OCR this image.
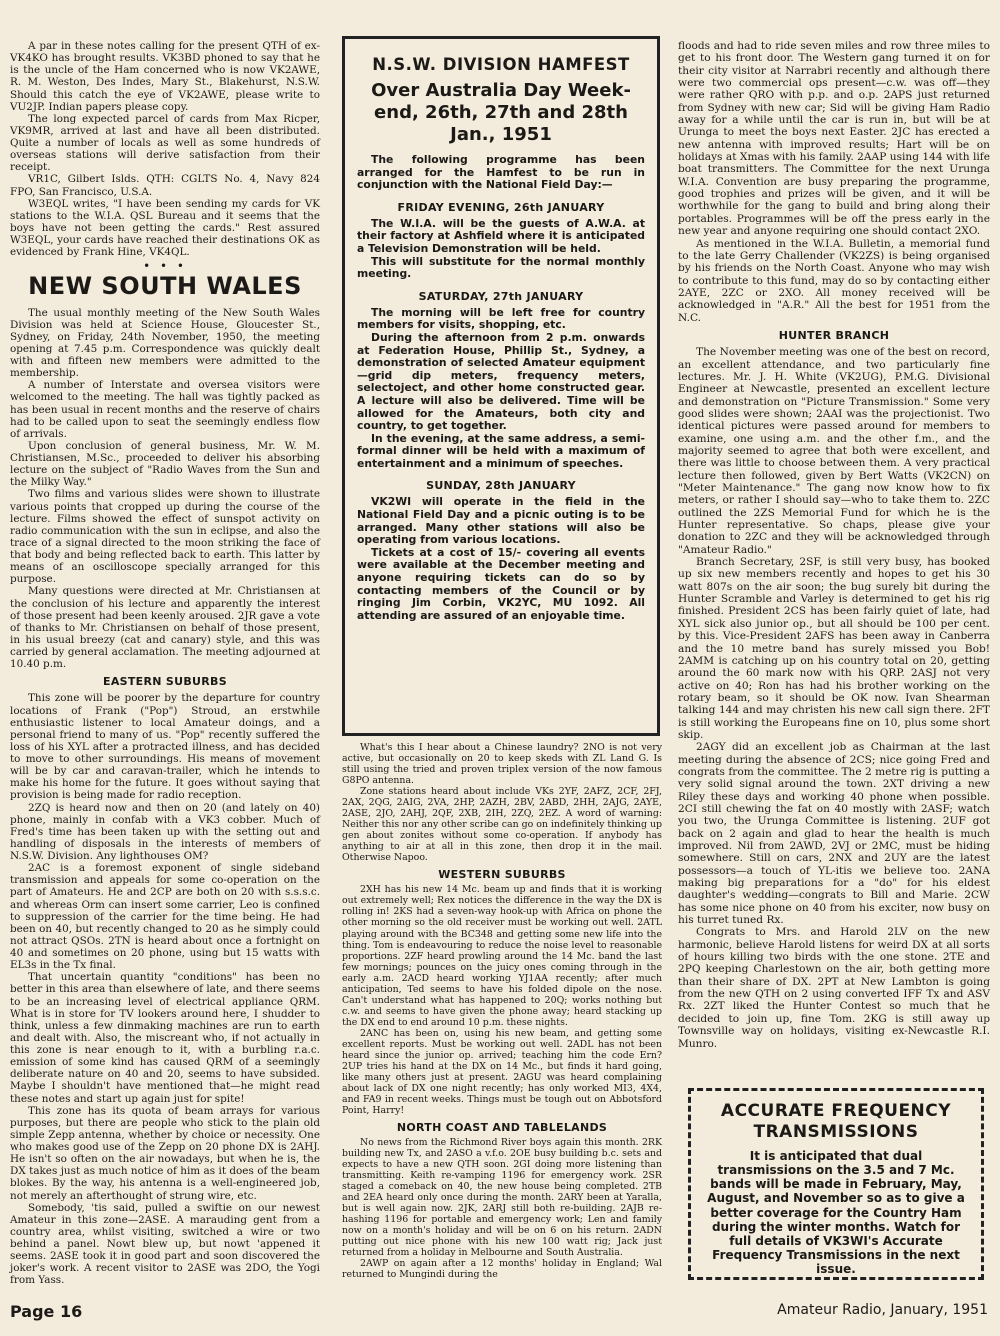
A par in these notes calling for the present QTH of ex-VK4KO has brought results. VK3BD phoned to say that he is the uncle of the Ham concerned who is now VK2AWE, R. M. Weston, Des Indes, Mary St., Blakehurst, N.S.W. Should this catch the eye of VK2AWE, please write to VU2JP. Indian papers please copy.

The long expected parcel of cards from Max Ricper, VK9MR, arrived at last and have all been distributed. Quite a number of locals as well as some hundreds of overseas stations will derive satisfaction from their receipt.

VR1C, Gilbert Islds. QTH: CGLTS No. 4, Navy 824 FPO, San Francisco, U.S.A.

W3EQL writes, "I have been sending my cards for VK stations to the W.I.A. QSL Bureau and it seems that the boys have not been getting the cards." Rest assured W3EQL, your cards have reached their destinations OK as evidenced by Frank Hine, VK4QL.

• • •
NEW SOUTH WALES

The usual monthly meeting of the New South Wales Division was held at Science House, Gloucester St., Sydney, on Friday, 24th November, 1950, the meeting opening at 7.45 p.m. Correspondence was quickly dealt with and fifteen new members were admitted to the membership.

A number of Interstate and oversea visitors were welcomed to the meeting. The hall was tightly packed as has been usual in recent months and the reserve of chairs had to be called upon to seat the seemingly endless flow of arrivals.

Upon conclusion of general business, Mr. W. M. Christiansen, M.Sc., proceeded to deliver his absorbing lecture on the subject of "Radio Waves from the Sun and the Milky Way."

Two films and various slides were shown to illustrate various points that cropped up during the course of the lecture. Films showed the effect of sunspot activity on radio communication with the sun in eclipse, and also the trace of a signal directed to the moon striking the face of that body and being reflected back to earth. This latter by means of an oscilloscope specially arranged for this purpose.

Many questions were directed at Mr. Christiansen at the conclusion of his lecture and apparently the interest of those present had been keenly aroused. 2JR gave a vote of thanks to Mr. Christiansen on behalf of those present, in his usual breezy (cat and canary) style, and this was carried by general acclamation. The meeting adjourned at 10.40 p.m.

EASTERN SUBURBS

This zone will be poorer by the departure for country locations of Frank ("Pop") Stroud, an erstwhile enthusiastic listener to local Amateur doings, and a personal friend to many of us. "Pop" recently suffered the loss of his XYL after a protracted illness, and has decided to move to other surroundings. His means of movement will be by car and caravan-trailer, which he intends to make his home for the future. It goes without saying that provision is being made for radio reception.

2ZQ is heard now and then on 20 (and lately on 40) phone, mainly in confab with a VK3 cobber. Much of Fred's time has been taken up with the setting out and handling of disposals in the interests of members of N.S.W. Division. Any lighthouses OM?

2AC is a foremost exponent of single sideband transmission and appeals for some co-operation on the part of Amateurs. He and 2CP are both on 20 with s.s.s.c. and whereas Orm can insert some carrier, Leo is confined to suppression of the carrier for the time being. He had been on 40, but recently changed to 20 as he simply could not attract QSOs. 2TN is heard about once a fortnight on 40 and sometimes on 20 phone, using but 15 watts with EL3s in the Tx final.

That uncertain quantity "conditions" has been no better in this area than elsewhere of late, and there seems to be an increasing level of electrical appliance QRM. What is in store for TV lookers around here, I shudder to think, unless a few dinmaking machines are run to earth and dealt with. Also, the miscreant who, if not actually in this zone is near enough to it, with a burbling r.a.c. emission of some kind has caused QRM of a seemingly deliberate nature on 40 and 20, seems to have subsided. Maybe I shouldn't have mentioned that—he might read these notes and start up again just for spite!

This zone has its quota of beam arrays for various purposes, but there are people who stick to the plain old simple Zepp antenna, whether by choice or necessity. One who makes good use of the Zepp on 20 phone DX is 2AHJ. He isn't so often on the air nowadays, but when he is, the DX takes just as much notice of him as it does of the beam blokes. By the way, his antenna is a well-engineered job, not merely an afterthought of strung wire, etc.

Somebody, 'tis said, pulled a swiftie on our newest Amateur in this zone—2ASE. A marauding gent from a country area, whilst visiting, switched a wire or two behind a panel. Nowt blew up, but nowt 'appened it seems. 2ASE took it in good part and soon discovered the joker's work. A recent visitor to 2ASE was 2DO, the Yogi from Yass.

N.S.W. DIVISION HAMFEST
Over Australia Day Week-end, 26th, 27th and 28th Jan., 1951

The following programme has been arranged for the Hamfest to be run in conjunction with the National Field Day:—

FRIDAY EVENING, 26th JANUARY

The W.I.A. will be the guests of A.W.A. at their factory at Ashfield where it is anticipated a Television Demonstration will be held.

This will substitute for the normal monthly meeting.

SATURDAY, 27th JANUARY

The morning will be left free for country members for visits, shopping, etc.

During the afternoon from 2 p.m. onwards at Federation House, Phillip St., Sydney, a demonstration of selected Amateur equipment—grid dip meters, frequency meters, selectoject, and other home constructed gear. A lecture will also be delivered. Time will be allowed for the Amateurs, both city and country, to get together.

In the evening, at the same address, a semi-formal dinner will be held with a maximum of entertainment and a minimum of speeches.

SUNDAY, 28th JANUARY

VK2WI will operate in the field in the National Field Day and a picnic outing is to be arranged. Many other stations will also be operating from various locations.

Tickets at a cost of 15/- covering all events were available at the December meeting and anyone requiring tickets can do so by contacting members of the Council or by ringing Jim Corbin, VK2YC, MU 1092. All attending are assured of an enjoyable time.

What's this I hear about a Chinese laundry? 2NO is not very active, but occasionally on 20 to keep skeds with ZL Land G. Is still using the tried and proven triplex version of the now famous G8PO antenna.

Zone stations heard about include VKs 2YF, 2AFZ, 2CF, 2FJ, 2AX, 2QG, 2AIG, 2VA, 2HP, 2AZH, 2BV, 2ABD, 2HH, 2AJG, 2AYE, 2ASE, 2JO, 2AHJ, 2QF, 2XB, 2IH, 2ZQ, 2EZ. A word of warning: Neither this nor any other scribe can go on indefinitely thinking up gen about zonites without some co-operation. If anybody has anything to air at all in this zone, then drop it in the mail. Otherwise Napoo.

WESTERN SUBURBS

2XH has his new 14 Mc. beam up and finds that it is working out extremely well; Rex notices the difference in the way the DX is rolling in! 2KS had a seven-way hook-up with Africa on phone the other morning so the old receiver must be working out well. 2ATL playing around with the BC348 and getting some new life into the thing. Tom is endeavouring to reduce the noise level to reasonable proportions. 2ZF heard prowling around the 14 Mc. band the last few mornings; pounces on the juicy ones coming through in the early a.m. 2ACD heard working YJ1AA recently; after much anticipation, Ted seems to have his folded dipole on the nose. Can't understand what has happened to 20Q; works nothing but c.w. and seems to have given the phone away; heard stacking up the DX end to end around 10 p.m. these nights.

2ANC has been on, using his new beam, and getting some excellent reports. Must be working out well. 2ADL has not been heard since the junior op. arrived; teaching him the code Ern? 2UP tries his hand at the DX on 14 Mc., but finds it hard going, like many others just at present. 2AGU was heard complaining about lack of DX one night recently; has only worked MI3, 4X4, and FA9 in recent weeks. Things must be tough out on Abbotsford Point, Harry!

NORTH COAST AND TABLELANDS

No news from the Richmond River boys again this month. 2RK building new Tx, and 2ASO a v.f.o. 2OE busy building b.c. sets and expects to have a new QTH soon. 2GI doing more listening than transmitting. Keith re-vamping 1196 for emergency work. 2SR staged a comeback on 40, the new house being completed. 2TB and 2EA heard only once during the month. 2ARY been at Yaralla, but is well again now. 2JK, 2ARJ still both re-building. 2AJB re-hashing 1196 for portable and emergency work; Len and family now on a month's holiday and will be on 6 on his return. 2ADN putting out nice phone with his new 100 watt rig; Jack just returned from a holiday in Melbourne and South Australia.

2AWP on again after a 12 months' holiday in England; Wal returned to Mungindi during the

floods and had to ride seven miles and row three miles to get to his front door. The Western gang turned it on for their city visitor at Narrabri recently and although there were two commercial ops present—c.w. was off—they were rather QRO with p.p. and o.p. 2APS just returned from Sydney with new car; Sid will be giving Ham Radio away for a while until the car is run in, but will be at Urunga to meet the boys next Easter. 2JC has erected a new antenna with improved results; Hart will be on holidays at Xmas with his family. 2AAP using 144 with life boat transmitters. The Committee for the next Urunga W.I.A. Convention are busy preparing the programme, good trophies and prizes will be given, and it will be worthwhile for the gang to build and bring along their portables. Programmes will be off the press early in the new year and anyone requiring one should contact 2XO.

As mentioned in the W.I.A. Bulletin, a memorial fund to the late Gerry Challender (VK2ZS) is being organised by his friends on the North Coast. Anyone who may wish to contribute to this fund, may do so by contacting either 2AYE, 2ZC or 2XO. All money received will be acknowledged in "A.R." All the best for 1951 from the N.C.

HUNTER BRANCH

The November meeting was one of the best on record, an excellent attendance, and two particularly fine lectures. Mr. J. H. White (VK2UG), P.M.G. Divisional Engineer at Newcastle, presented an excellent lecture and demonstration on "Picture Transmission." Some very good slides were shown; 2AAI was the projectionist. Two identical pictures were passed around for members to examine, one using a.m. and the other f.m., and the majority seemed to agree that both were excellent, and there was little to choose between them. A very practical lecture then followed, given by Bert Watts (VK2CN) on "Meter Maintenance." The gang now know how to fix meters, or rather I should say—who to take them to. 2ZC outlined the 2ZS Memorial Fund for which he is the Hunter representative. So chaps, please give your donation to 2ZC and they will be acknowledged through "Amateur Radio."

Branch Secretary, 2SF, is still very busy, has booked up six new members recently and hopes to get his 30 watt 807s on the air soon; the bug surely bit during the Hunter Scramble and Varley is determined to get his rig finished. President 2CS has been fairly quiet of late, had XYL sick also junior op., but all should be 100 per cent. by this. Vice-President 2AFS has been away in Canberra and the 10 metre band has surely missed you Bob! 2AMM is catching up on his country total on 20, getting around the 60 mark now with his QRP. 2ASJ not very active on 40; Ron has had his brother working on the rotary beam, so it should be OK now. Ivan Shearman talking 144 and may christen his new call sign there. 2FT is still working the Europeans fine on 10, plus some short skip.

2AGY did an excellent job as Chairman at the last meeting during the absence of 2CS; nice going Fred and congrats from the committee. The 2 metre rig is putting a very solid signal around the town. 2XT driving a new Riley these days and working 40 phone when possible. 2CI still chewing the fat on 40 mostly with 2ASF; watch you two, the Urunga Committee is listening. 2UF got back on 2 again and glad to hear the health is much improved. Nil from 2AWD, 2VJ or 2MC, must be hiding somewhere. Still on cars, 2NX and 2UY are the latest possessors—a touch of YL-itis we believe too. 2ANA making big preparations for a "do" for his eldest daughter's wedding—congrats to Bill and Marie. 2CW has some nice phone on 40 from his exciter, now busy on his turret tuned Rx.

Congrats to Mrs. and Harold 2LV on the new harmonic, believe Harold listens for weird DX at all sorts of hours killing two birds with the one stone. 2TE and 2PQ keeping Charlestown on the air, both getting more than their share of DX. 2PT at New Lambton is going from the new QTH on 2 using converted IFF Tx and ASV Rx. 2ZT liked the Hunter Contest so much that he decided to join up, fine Tom. 2KG is still away up Townsville way on holidays, visiting ex-Newcastle R.I. Munro.

ACCURATE FREQUENCY TRANSMISSIONS

It is anticipated that dual transmissions on the 3.5 and 7 Mc. bands will be made in February, May, August, and November so as to give a better coverage for the Country Ham during the winter months. Watch for full details of VK3WI's Accurate Frequency Transmissions in the next issue.

Page 16	Amateur Radio, January, 1951
